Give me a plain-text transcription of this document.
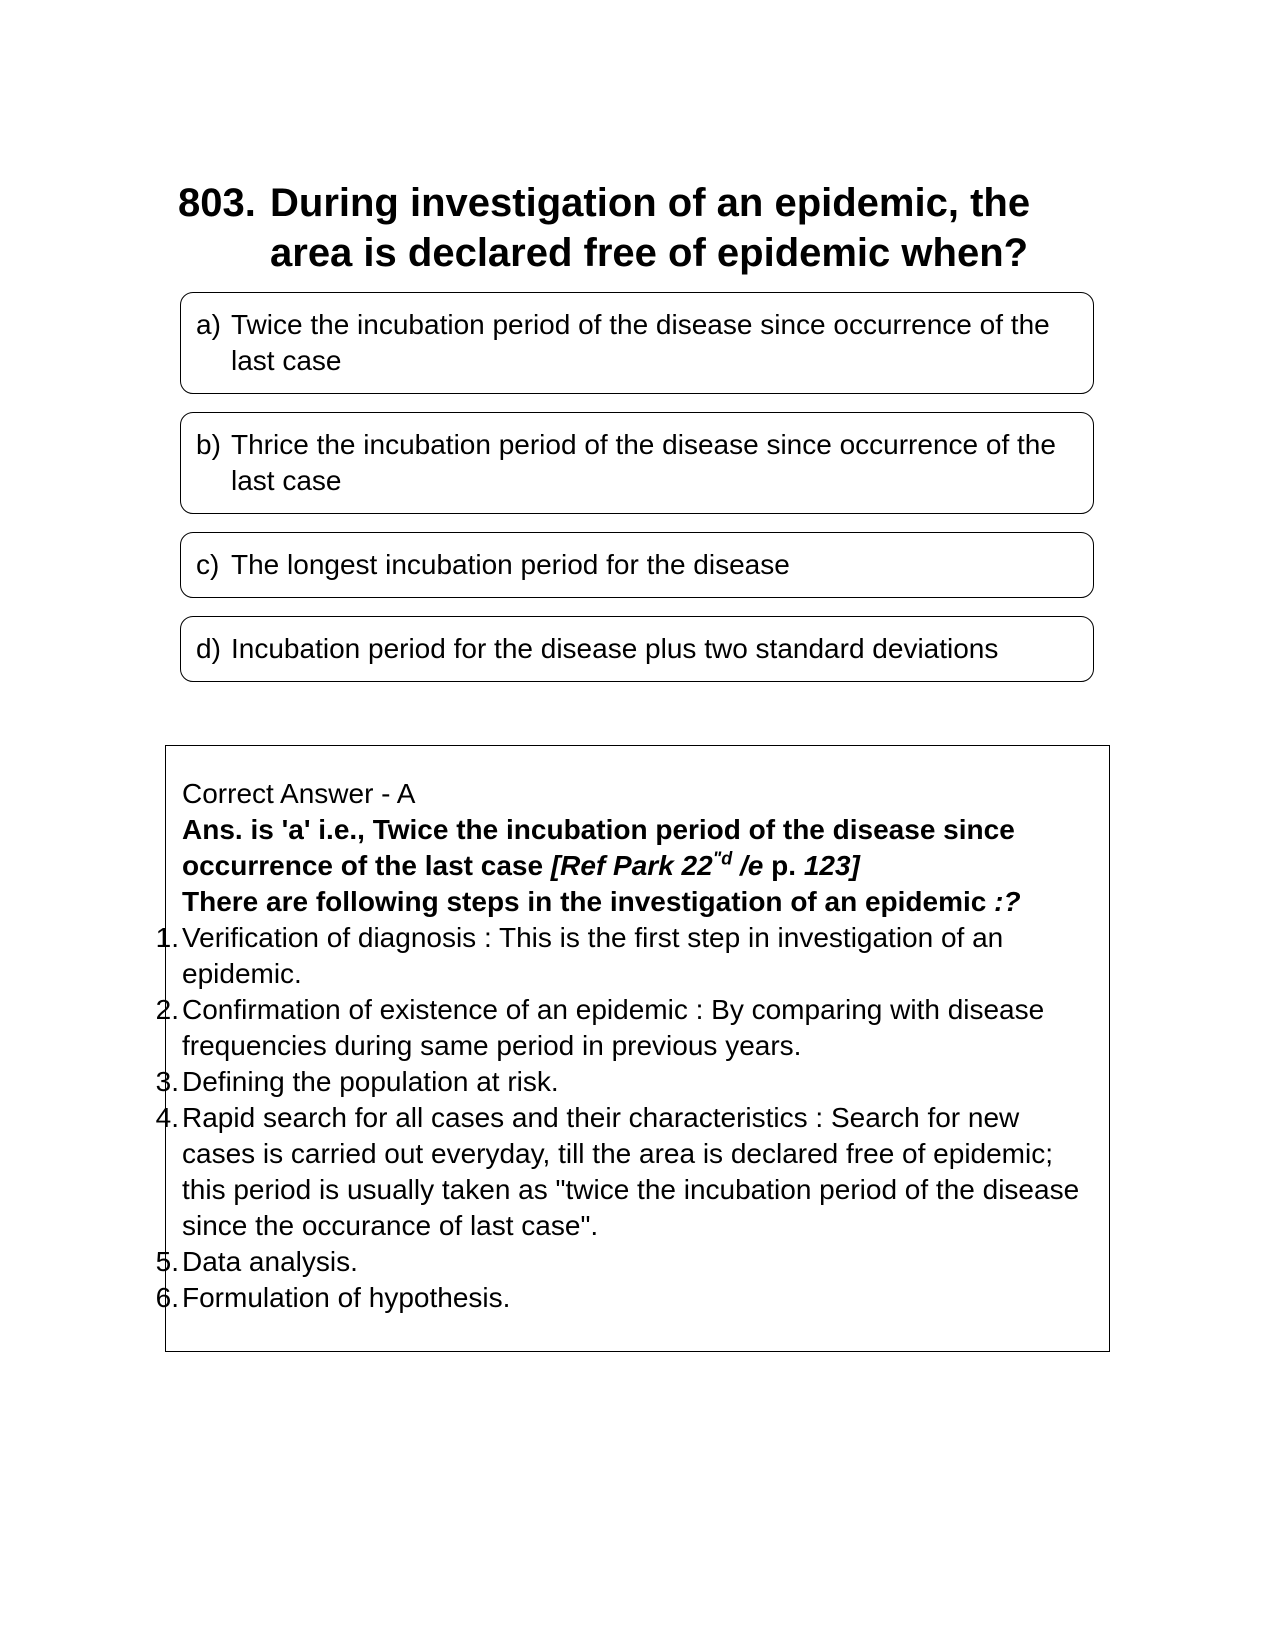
803. During investigation of an epidemic, the area is declared free of epidemic when?
a) Twice the incubation period of the disease since occurrence of the last case
b) Thrice the incubation period of the disease since occurrence of the last case
c) The longest incubation period for the disease
d) Incubation period for the disease plus two standard deviations

Correct Answer - A

Ans. is 'a' i.e., Twice the incubation period of the disease since occurrence of the last case [Ref Park $22^{"d}$ /e p. 123]

There are following steps in the investigation of an epidemic :?

1. Verification of diagnosis : This is the first step in investigation of an epidemic.
2. Confirmation of existence of an epidemic : By comparing with disease frequencies during same period in previous years.
3. Defining the population at risk.
4. Rapid search for all cases and their characteristics : Search for new cases is carried out everyday, till the area is declared free of epidemic; this period is usually taken as "twice the incubation period of the disease since the occurance of last case".
5. Data analysis.
6. Formulation of hypothesis.
